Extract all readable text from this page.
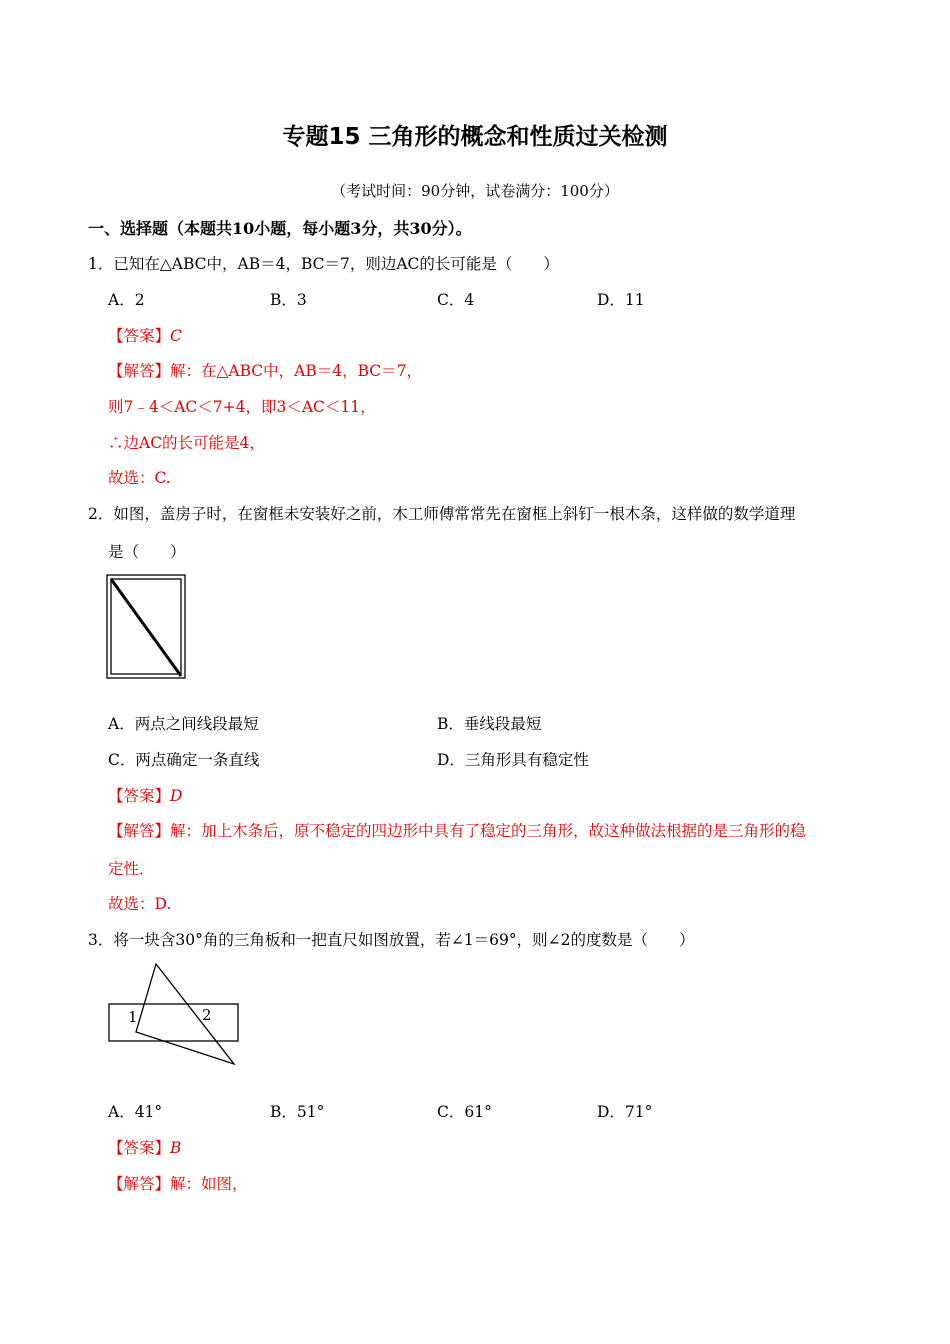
专题15 三角形的概念和性质过关检测
（考试时间：90分钟，试卷满分：100分）
一、选择题（本题共10小题，每小题3分，共30分）。
1．已知在△ABC中，AB＝4，BC＝7，则边AC的长可能是（　　）
A．2	B．3	C．4	D．11
【答案】C
【解答】解：在△ABC中，AB＝4，BC＝7，
则7﹣4＜AC＜7+4，即3＜AC＜11，
∴边AC的长可能是4，
故选：C.
2．如图，盖房子时，在窗框未安装好之前，木工师傅常常先在窗框上斜钉一根木条，这样做的数学道理
是（　　）
A．两点之间线段最短	B．垂线段最短
C．两点确定一条直线	D．三角形具有稳定性
【答案】D
【解答】解：加上木条后，原不稳定的四边形中具有了稳定的三角形，故这种做法根据的是三角形的稳
定性．
故选：D.
3．将一块含30°角的三角板和一把直尺如图放置，若∠1＝69°，则∠2的度数是（　　）
1	2
A．41°	B．51°	C．61°	D．71°
【答案】B
【解答】解：如图，
